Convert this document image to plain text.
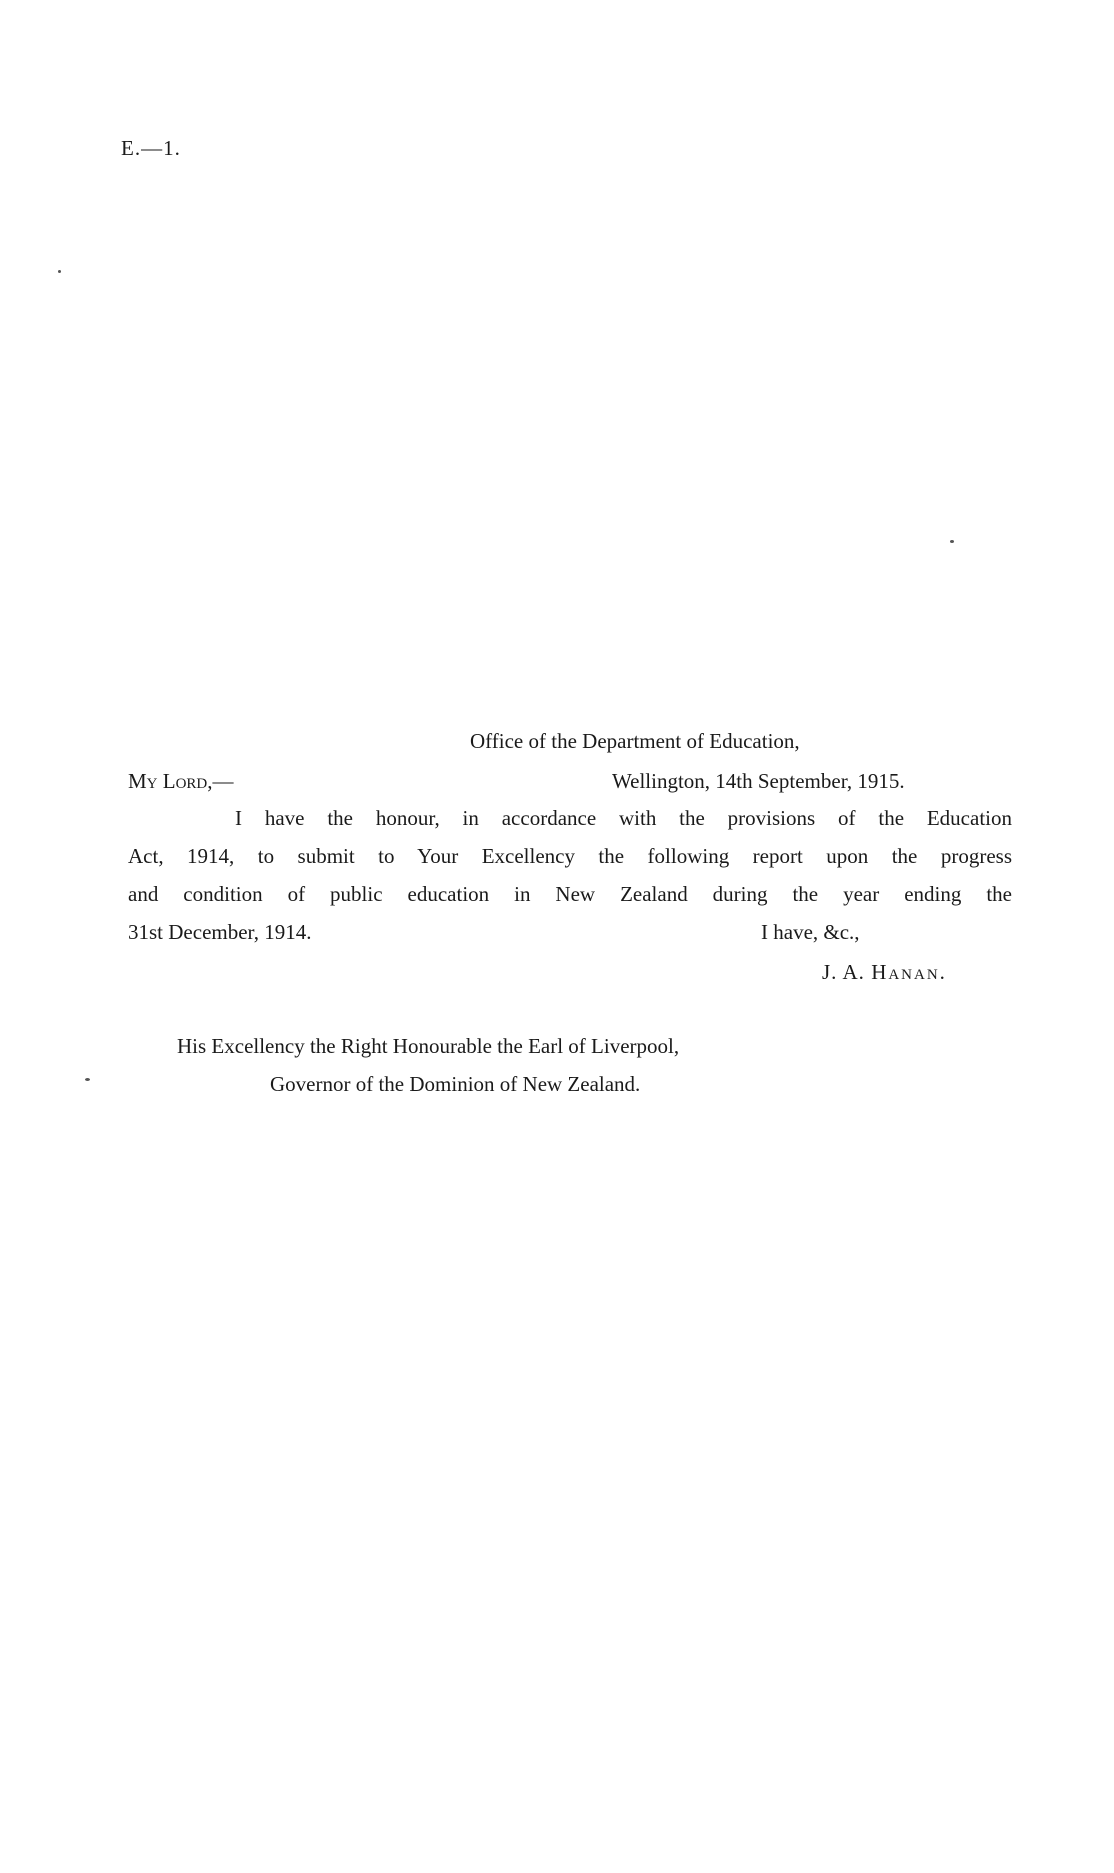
E.—1.
Office of the Department of Education,
My Lord,—	Wellington, 14th September, 1915.
I have the honour, in accordance with the provisions of the Education
Act, 1914, to submit to Your Excellency the following report upon the progress
and condition of public education in New Zealand during the year ending the
31st December, 1914.	I have, &c.,
J. A. Hanan.
His Excellency the Right Honourable the Earl of Liverpool,
Governor of the Dominion of New Zealand.
